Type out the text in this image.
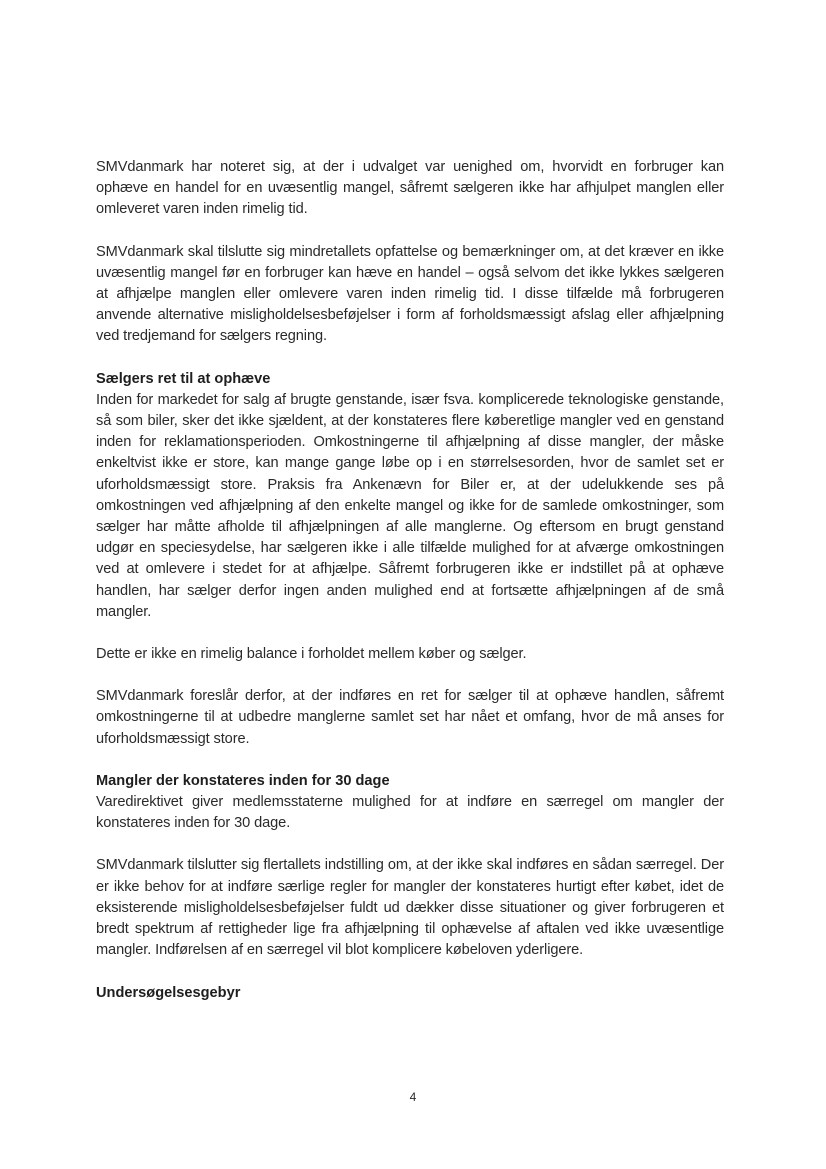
SMVdanmark har noteret sig, at der i udvalget var uenighed om, hvorvidt en forbruger kan ophæve en handel for en uvæsentlig mangel, såfremt sælgeren ikke har afhjulpet manglen eller omleveret varen inden rimelig tid.

SMVdanmark skal tilslutte sig mindretallets opfattelse og bemærkninger om, at det kræver en ikke uvæsentlig mangel før en forbruger kan hæve en handel – også selvom det ikke lykkes sælgeren at afhjælpe manglen eller omlevere varen inden rimelig tid. I disse tilfælde må forbrugeren anvende alternative misligholdelsesbeføjelser i form af forholdsmæssigt afslag eller afhjælpning ved tredjemand for sælgers regning.

Sælgers ret til at ophæve

Inden for markedet for salg af brugte genstande, især fsva. komplicerede teknologiske genstande, så som biler, sker det ikke sjældent, at der konstateres flere køberetlige mangler ved en genstand inden for reklamationsperioden. Omkostningerne til afhjælpning af disse mangler, der måske enkeltvist ikke er store, kan mange gange løbe op i en størrelsesorden, hvor de samlet set er uforholdsmæssigt store. Praksis fra Ankenævn for Biler er, at der udelukkende ses på omkostningen ved afhjælpning af den enkelte mangel og ikke for de samlede omkostninger, som sælger har måtte afholde til afhjælpningen af alle manglerne. Og eftersom en brugt genstand udgør en speciesydelse, har sælgeren ikke i alle tilfælde mulighed for at afværge omkostningen ved at omlevere i stedet for at afhjælpe. Såfremt forbrugeren ikke er indstillet på at ophæve handlen, har sælger derfor ingen anden mulighed end at fortsætte afhjælpningen af de små mangler.

Dette er ikke en rimelig balance i forholdet mellem køber og sælger.

SMVdanmark foreslår derfor, at der indføres en ret for sælger til at ophæve handlen, såfremt omkostningerne til at udbedre manglerne samlet set har nået et omfang, hvor de må anses for uforholdsmæssigt store.

Mangler der konstateres inden for 30 dage

Varedirektivet giver medlemsstaterne mulighed for at indføre en særregel om mangler der konstateres inden for 30 dage.

SMVdanmark tilslutter sig flertallets indstilling om, at der ikke skal indføres en sådan særregel. Der er ikke behov for at indføre særlige regler for mangler der konstateres hurtigt efter købet, idet de eksisterende misligholdelsesbeføjelser fuldt ud dækker disse situationer og giver forbrugeren et bredt spektrum af rettigheder lige fra afhjælpning til ophævelse af aftalen ved ikke uvæsentlige mangler. Indførelsen af en særregel vil blot komplicere købeloven yderligere.

Undersøgelsesgebyr
4
